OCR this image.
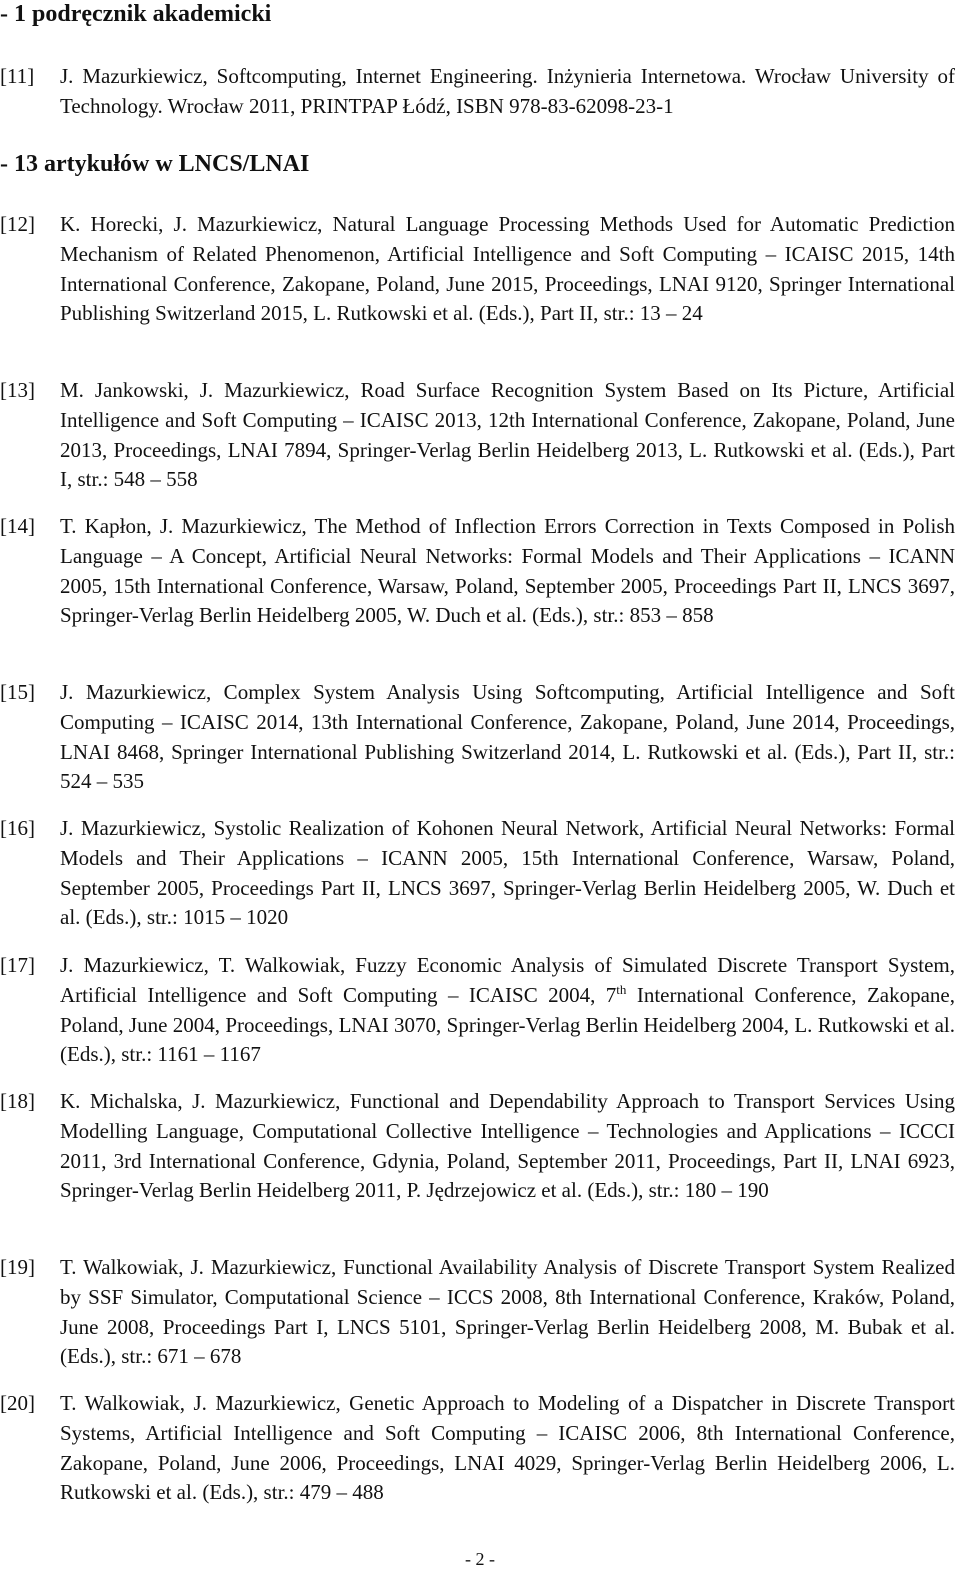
- 1 podręcznik akademicki
[11]	J. Mazurkiewicz, Softcomputing, Internet Engineering. Inżynieria Internetowa. Wrocław University of Technology. Wrocław 2011, PRINTPAP Łódź, ISBN 978-83-62098-23-1
- 13 artykułów w LNCS/LNAI
[12]	K. Horecki, J. Mazurkiewicz, Natural Language Processing Methods Used for Automatic Prediction Mechanism of Related Phenomenon, Artificial Intelligence and Soft Computing – ICAISC 2015, 14th International Conference, Zakopane, Poland, June 2015, Proceedings, LNAI 9120, Springer International Publishing Switzerland 2015, L. Rutkowski et al. (Eds.), Part II, str.: 13 – 24
[13]	M. Jankowski, J. Mazurkiewicz, Road Surface Recognition System Based on Its Picture, Artificial Intelligence and Soft Computing – ICAISC 2013, 12th International Conference, Zakopane, Poland, June 2013, Proceedings, LNAI 7894, Springer-Verlag Berlin Heidelberg 2013, L. Rutkowski et al. (Eds.), Part I, str.: 548 – 558
[14]	T. Kapłon, J. Mazurkiewicz, The Method of Inflection Errors Correction in Texts Composed in Polish Language – A Concept, Artificial Neural Networks: Formal Models and Their Applications – ICANN 2005, 15th International Conference, Warsaw, Poland, September 2005, Proceedings Part II, LNCS 3697, Springer-Verlag Berlin Heidelberg 2005, W. Duch et al. (Eds.), str.: 853 – 858
[15]	J. Mazurkiewicz, Complex System Analysis Using Softcomputing, Artificial Intelligence and Soft Computing – ICAISC 2014, 13th International Conference, Zakopane, Poland, June 2014, Proceedings, LNAI 8468, Springer International Publishing Switzerland 2014, L. Rutkowski et al. (Eds.), Part II, str.: 524 – 535
[16]	J. Mazurkiewicz, Systolic Realization of Kohonen Neural Network, Artificial Neural Networks: Formal Models and Their Applications – ICANN 2005, 15th International Conference, Warsaw, Poland, September 2005, Proceedings Part II, LNCS 3697, Springer-Verlag Berlin Heidelberg 2005, W. Duch et al. (Eds.), str.: 1015 – 1020
[17]	J. Mazurkiewicz, T. Walkowiak, Fuzzy Economic Analysis of Simulated Discrete Transport System, Artificial Intelligence and Soft Computing – ICAISC 2004, 7th International Conference, Zakopane, Poland, June 2004, Proceedings, LNAI 3070, Springer-Verlag Berlin Heidelberg 2004, L. Rutkowski et al. (Eds.), str.: 1161 – 1167
[18]	K. Michalska, J. Mazurkiewicz, Functional and Dependability Approach to Transport Services Using Modelling Language, Computational Collective Intelligence – Technologies and Applications – ICCCI 2011, 3rd International Conference, Gdynia, Poland, September 2011, Proceedings, Part II, LNAI 6923, Springer-Verlag Berlin Heidelberg 2011, P. Jędrzejowicz et al. (Eds.), str.: 180 – 190
[19]	T. Walkowiak, J. Mazurkiewicz, Functional Availability Analysis of Discrete Transport System Realized by SSF Simulator, Computational Science – ICCS 2008, 8th International Conference, Kraków, Poland, June 2008, Proceedings Part I, LNCS 5101, Springer-Verlag Berlin Heidelberg 2008, M. Bubak et al. (Eds.), str.: 671 – 678
[20]	T. Walkowiak, J. Mazurkiewicz, Genetic Approach to Modeling of a Dispatcher in Discrete Transport Systems, Artificial Intelligence and Soft Computing – ICAISC 2006, 8th International Conference, Zakopane, Poland, June 2006, Proceedings, LNAI 4029, Springer-Verlag Berlin Heidelberg 2006, L. Rutkowski et al. (Eds.), str.: 479 – 488
- 2 -
